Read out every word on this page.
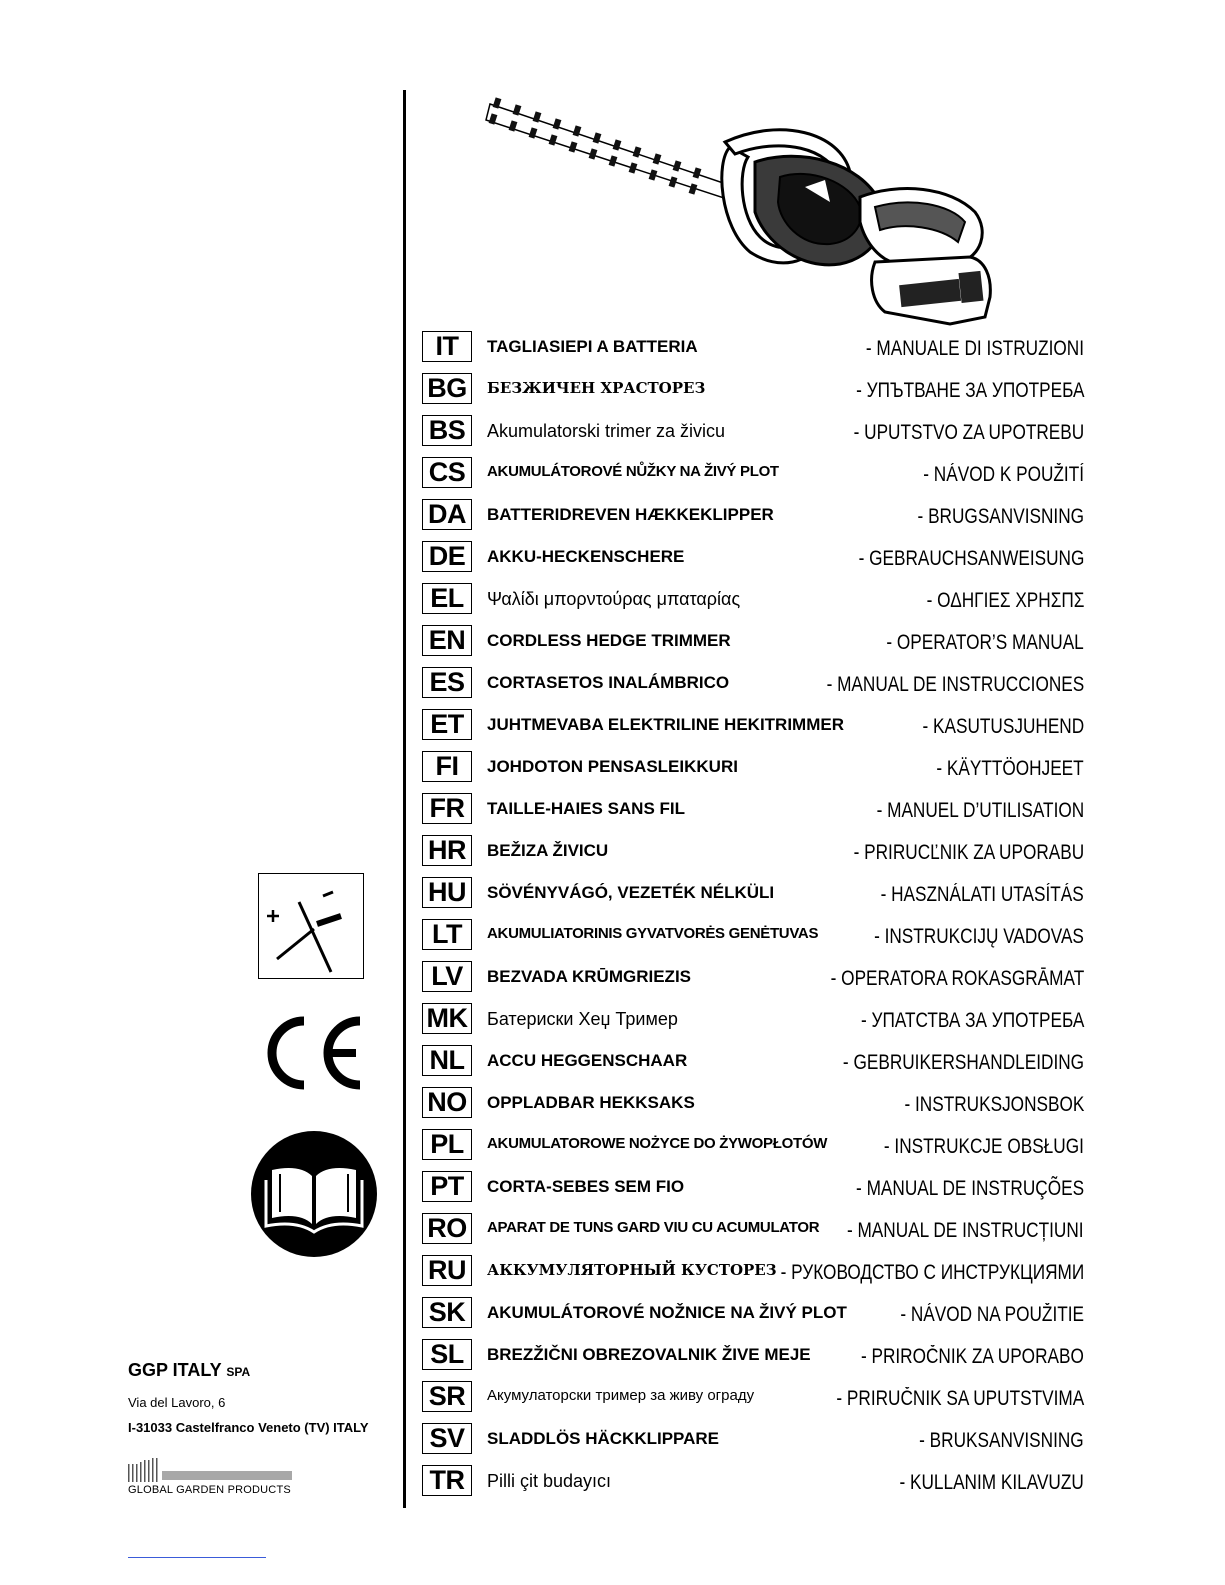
IT	TAGLIASIEPI A BATTERIA	- MANUALE DI ISTRUZIONI
BG	БЕЗЖИЧЕН ХРАСТОРЕЗ	- УПЪТВАНЕ ЗА УПОТРЕБА
BS	Akumulatorski trimer za živicu	- UPUTSTVO ZA UPOTREBU
CS	AKUMULÁTOROVÉ NŮŽKY NA ŽIVÝ PLOT	- NÁVOD K POUŽITÍ
DA	BATTERIDREVEN HÆKKEKLIPPER	- BRUGSANVISNING
DE	AKKU-HECKENSCHERE	- GEBRAUCHSANWEISUNG
EL	Ψαλίδι μπορντούρας μπαταρίας	- ΟΔΗΓΙΕΣ ΧΡΗΣΠΣ
EN	CORDLESS HEDGE TRIMMER	- OPERATOR’S MANUAL
ES	CORTASETOS INALÁMBRICO	- MANUAL DE INSTRUCCIONES
ET	JUHTMEVABA ELEKTRILINE HEKITRIMMER	- KASUTUSJUHEND
FI	JOHDOTON PENSASLEIKKURI	- KÄYTTÖOHJEET
FR	TAILLE-HAIES SANS FIL	- MANUEL D’UTILISATION
HR	BEŽIZA ŽIVICU	- PRIRUCĽNIK ZA UPORABU
HU	SÖVÉNYVÁGÓ, VEZETÉK NÉLKÜLI	- HASZNÁLATI UTASÍTÁS
LT	AKUMULIATORINIS GYVATVORĖS GENĖTUVAS	- INSTRUKCIJŲ VADOVAS
LV	BEZVADA KRŪMGRIEZIS	- OPERATORA ROKASGRĀMAT
MK Батериски Хеџ Тример	- УПАТСТВА ЗА УПОТРЕБА
NL	ACCU HEGGENSCHAAR	- GEBRUIKERSHANDLEIDING
NO	OPPLADBAR HEKKSAKS	- INSTRUKSJONSBOK
PL	AKUMULATOROWE NOŻYCE DO ŻYWOPŁOTÓW	- INSTRUKCJE OBSŁUGI
PT	CORTA-SEBES SEM FIO	- MANUAL DE INSTRUÇÕES
RO	APARAT DE TUNS GARD VIU CU ACUMULATOR - MANUAL DE INSTRUCȚIUNI
RU	АККУМУЛЯТОРНЫЙ КУСТОРЕЗ - РУКОВОДСТВО С ИНСТРУКЦИЯМИ
SK	AKUMULÁTOROVÉ NOŽNICE NA ŽIVÝ PLOT	- NÁVOD NA POUŽITIE
SL	BREZŽIČNI OBREZOVALNIK ŽIVE MEJE - PRIROČNIK ZA UPORABO
SR	Акумулаторски тример за живу ограду	- PRIRUČNIK SA UPUTSTVIMA
SV	SLADDLÖS HÄCKKLIPPARE	- BRUKSANVISNING
TR	Pilli çit budayıcı	- KULLANIM KILAVUZU
GGP ITALY SPA
Via del Lavoro, 6
I-31033 Castelfranco Veneto (TV) ITALY
GLOBAL GARDEN PRODUCTS
